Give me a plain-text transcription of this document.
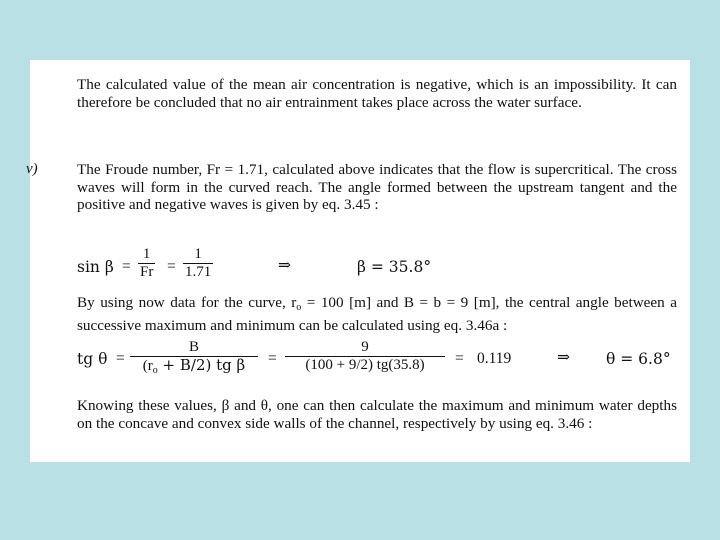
The calculated value of the mean air concentration is negative, which is an impossibility. It can therefore be concluded that no air entrainment takes place across the water surface.
v)	The Froude number, Fr = 1.71, calculated above indicates that the flow is supercritical. The cross waves will form in the curved reach. The angle formed between the upstream tangent and the positive and negative waves is given by eq. 3.45 :
$\sin \beta = \frac{1}{Fr} = \frac{1}{1.71}$	⇒	β = 35.8°
By using now data for the curve, $r_o = 100$ [m] and B = b = 9 [m], the central angle between a successive maximum and minimum can be calculated using eq. 3.46a :
tg $\theta = \frac{B}{(r_o + B/2) tg \beta} = \frac{9}{(100 + 9/2) tg(35.8)} = 0.119$	⇒ θ = 6.8°
Knowing these values, β and θ, one can then calculate the maximum and minimum water depths on the concave and convex side walls of the channel, respectively by using eq. 3.46 :
